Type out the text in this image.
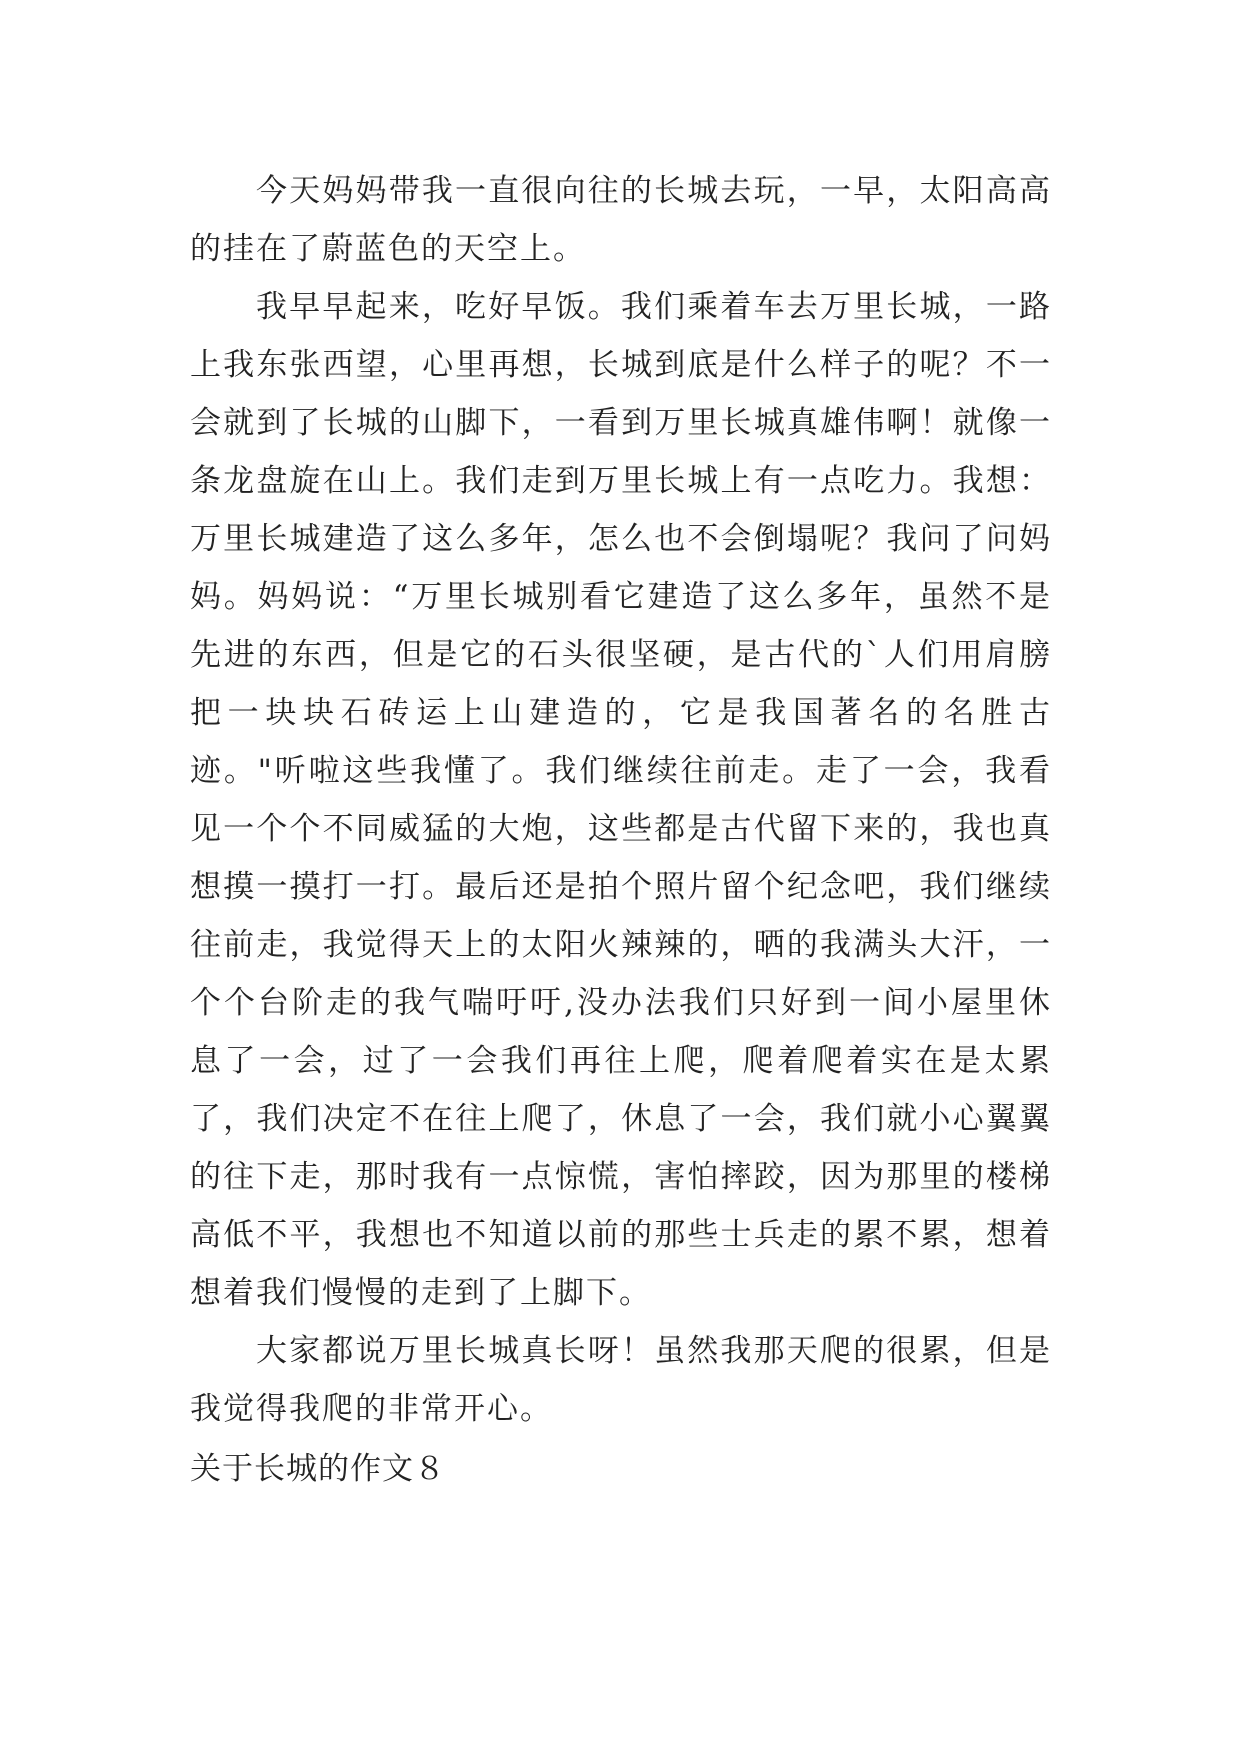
今天妈妈带我一直很向往的长城去玩，一早，太阳高高的挂在了蔚蓝色的天空上。

我早早起来，吃好早饭。我们乘着车去万里长城，一路上我东张西望，心里再想，长城到底是什么样子的呢？不一会就到了长城的山脚下，一看到万里长城真雄伟啊！就像一条龙盘旋在山上。我们走到万里长城上有一点吃力。我想：万里长城建造了这么多年，怎么也不会倒塌呢？我问了问妈妈。妈妈说：“万里长城别看它建造了这么多年，虽然不是先进的东西，但是它的石头很坚硬，是古代的`人们用肩膀把一块块石砖运上山建造的，它是我国著名的名胜古迹。"听啦这些我懂了。我们继续往前走。走了一会，我看见一个个不同威猛的大炮，这些都是古代留下来的，我也真想摸一摸打一打。最后还是拍个照片留个纪念吧，我们继续往前走，我觉得天上的太阳火辣辣的，晒的我满头大汗，一个个台阶走的我气喘吁吁,没办法我们只好到一间小屋里休息了一会，过了一会我们再往上爬，爬着爬着实在是太累了，我们决定不在往上爬了，休息了一会，我们就小心翼翼的往下走，那时我有一点惊慌，害怕摔跤，因为那里的楼梯高低不平，我想也不知道以前的那些士兵走的累不累，想着想着我们慢慢的走到了上脚下。

大家都说万里长城真长呀！虽然我那天爬的很累，但是我觉得我爬的非常开心。

关于长城的作文８
